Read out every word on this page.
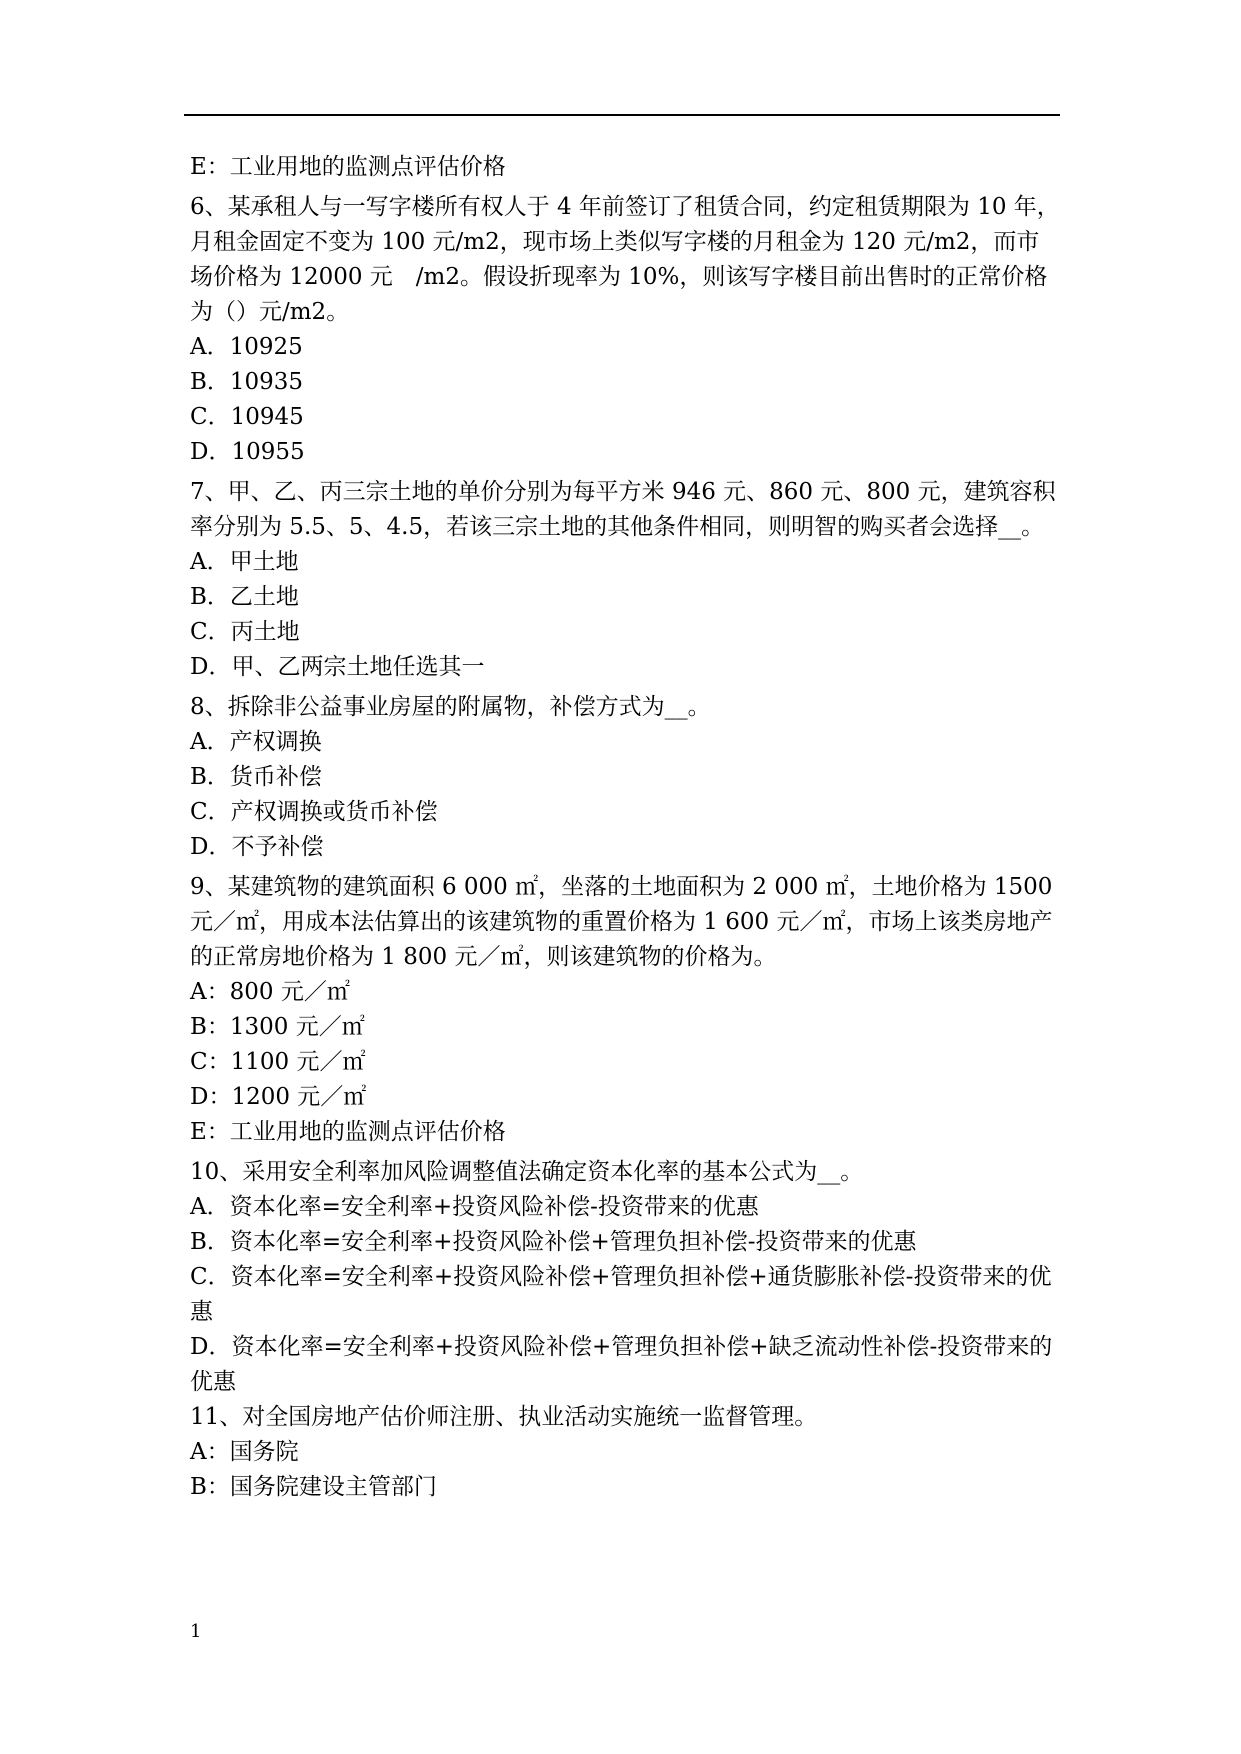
E：工业用地的监测点评估价格

6、某承租人与一写字楼所有权人于 4 年前签订了租赁合同，约定租赁期限为 10 年，月租金固定不变为 100 元/m2，现市场上类似写字楼的月租金为 120 元/m2，而市场价格为 12000 元　/m2。假设折现率为 10%，则该写字楼目前出售时的正常价格为（）元/m2。

A．10925

B．10935

C．10945

D．10955

7、甲、乙、丙三宗土地的单价分别为每平方米 946 元、860 元、800 元，建筑容积率分别为 5.5、5、4.5，若该三宗土地的其他条件相同，则明智的购买者会选择__。

A．甲土地

B．乙土地

C．丙土地

D．甲、乙两宗土地任选其一

8、拆除非公益事业房屋的附属物，补偿方式为__。

A．产权调换

B．货币补偿

C．产权调换或货币补偿

D．不予补偿

9、某建筑物的建筑面积 6 000 ㎡，坐落的土地面积为 2 000 ㎡，土地价格为 1500 元／㎡，用成本法估算出的该建筑物的重置价格为 1 600 元／㎡，市场上该类房地产的正常房地价格为 1 800 元／㎡，则该建筑物的价格为。

A：800 元／㎡

B：1300 元／㎡

C：1100 元／㎡

D：1200 元／㎡

E：工业用地的监测点评估价格

10、采用安全利率加风险调整值法确定资本化率的基本公式为__。

A．资本化率=安全利率+投资风险补偿-投资带来的优惠

B．资本化率=安全利率+投资风险补偿+管理负担补偿-投资带来的优惠

C．资本化率=安全利率+投资风险补偿+管理负担补偿+通货膨胀补偿-投资带来的优惠

D．资本化率=安全利率+投资风险补偿+管理负担补偿+缺乏流动性补偿-投资带来的优惠

11、对全国房地产估价师注册、执业活动实施统一监督管理。

A：国务院

B：国务院建设主管部门

1
